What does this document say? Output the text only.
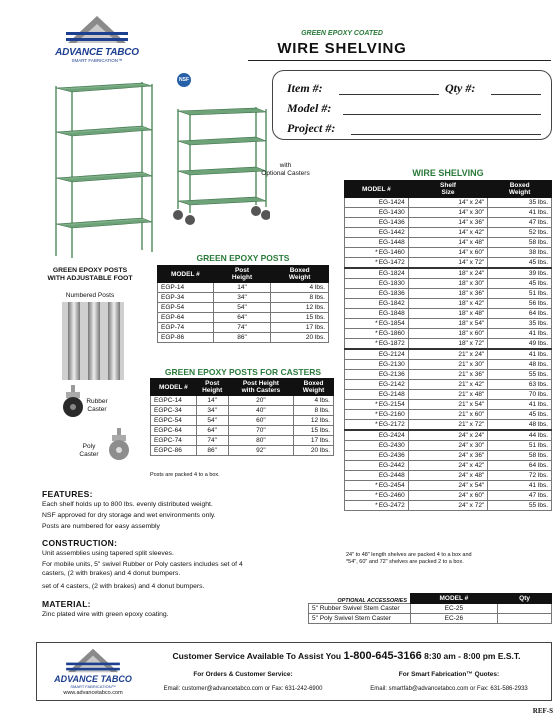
ADVANCE TABCO
SMART FABRICATION™
GREEN EPOXY COATED
WIRE SHELVING
Item #:	Qty #:
Model #:
Project #:
NSF
with
Optional Casters
GREEN EPOXY POSTS
WITH ADJUSTABLE FOOT
Numbered Posts
Rubber
Caster
Poly
Caster
GREEN EPOXY POSTS
MODEL #	Post
Height	Boxed
Weight
EGP-14	14"	4 lbs.
EGP-34	34"	8 lbs.
EGP-54	54"	12 lbs.
EGP-64	64"	15 lbs.
EGP-74	74"	17 lbs.
EGP-86	86"	20 lbs.
GREEN EPOXY POSTS FOR CASTERS
MODEL #	Post
Height	Post Height
with Casters	Boxed
Weight
EGPC-14	14"	20"	4 lbs.
EGPC-34	34"	40"	8 lbs.
EGPC-54	54"	60"	12 lbs.
EGPC-64	64"	70"	15 lbs.
EGPC-74	74"	80"	17 lbs.
EGPC-86	86"	92"	20 lbs.
Posts are packed 4 to a box.
WIRE SHELVING
MODEL #	Shelf
Size	Boxed
Weight
EG-1424	14" x 24"	35 lbs.
EG-1430	14" x 30"	41 lbs.
EG-1436	14" x 36"	47 lbs.
EG-1442	14" x 42"	52 lbs.
EG-1448	14" x 48"	58 lbs.
*EG-1460	14" x 60"	38 lbs.
*EG-1472	14" x 72"	45 lbs.
EG-1824	18" x 24"	39 lbs.
EG-1830	18" x 30"	45 lbs.
EG-1836	18" x 36"	51 lbs.
EG-1842	18" x 42"	56 lbs.
EG-1848	18" x 48"	64 lbs.
*EG-1854	18" x 54"	35 lbs.
*EG-1860	18" x 60"	41 lbs.
*EG-1872	18" x 72"	49 lbs.
EG-2124	21" x 24"	41 lbs.
EG-2130	21" x 30"	48 lbs.
EG-2136	21" x 36"	55 lbs.
EG-2142	21" x 42"	63 lbs.
EG-2148	21" x 48"	70 lbs.
*EG-2154	21" x 54"	41 lbs.
*EG-2160	21" x 60"	45 lbs.
*EG-2172	21" x 72"	48 lbs.
EG-2424	24" x 24"	44 lbs.
EG-2430	24" x 30"	51 lbs.
EG-2436	24" x 36"	58 lbs.
EG-2442	24" x 42"	64 lbs.
EG-2448	24" x 48"	72 lbs.
*EG-2454	24" x 54"	41 lbs.
*EG-2460	24" x 60"	47 lbs.
*EG-2472	24" x 72"	55 lbs.
24" to 48" length shelves are packed 4 to a box and
*54", 60" and 72" shelves are packed 2 to a box.
OPTIONAL ACCESSORIES
		MODEL #	Qty
5" Rubber Swivel Stem Caster	EC-25	
5" Poly Swivel Stem Caster	EC-26	
FEATURES:
Each shelf holds up to 800 lbs. evenly distributed weight.
NSF approved for dry storage and wet environments only.
Posts are numbered for easy assembly
CONSTRUCTION:
Unit assemblies using tapered split sleeves.
For mobile units, 5" swivel Rubber or Poly casters includes set of 4 casters, (2 with brakes) and 4 donut bumpers.
set of 4 casters, (2 with brakes) and 4 donut bumpers.
MATERIAL:
Zinc plated wire with green epoxy coating.
ADVANCE TABCO
SMART FABRICATION™
www.advancetabco.com
Customer Service Available To Assist You 1-800-645-3166 8:30 am - 8:00 pm E.S.T.
For Orders & Customer Service:
Email: customer@advancetabco.com or Fax: 631-242-6900
For Smart Fabrication™ Quotes:
Email: smartfab@advancetabco.com or Fax: 631-586-2933
REF-S
